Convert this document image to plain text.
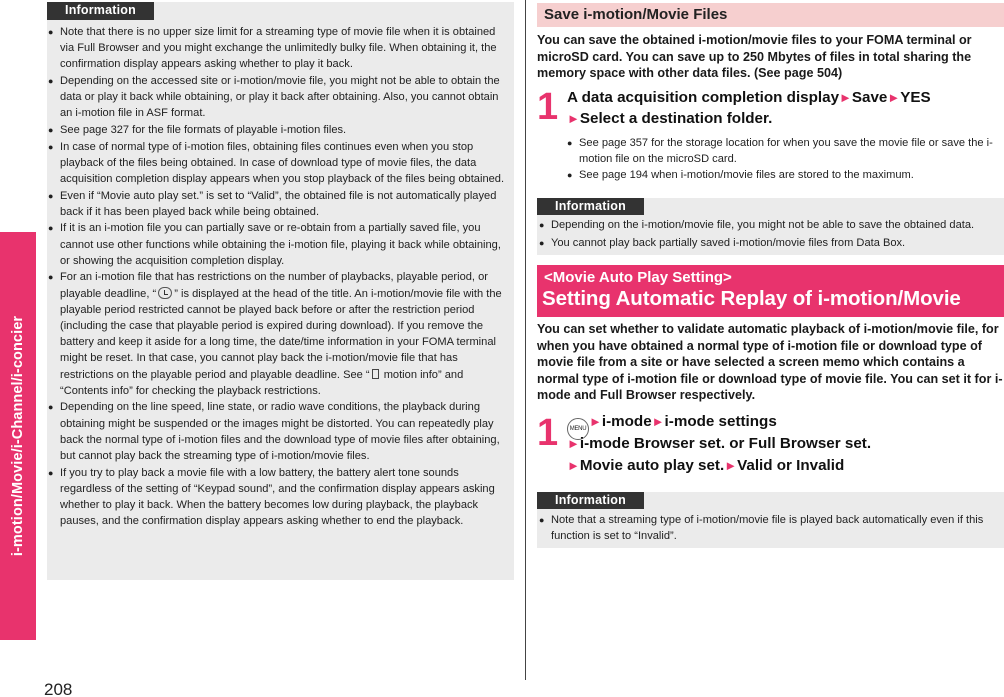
i-motion/Movie/i-Channel/i-concier
208
Information
● Note that there is no upper size limit for a streaming type of movie file when it is obtained via Full Browser and you might exchange the unlimitedly bulky file. When obtaining it, the confirmation display appears asking whether to play it back.
● Depending on the accessed site or i-motion/movie file, you might not be able to obtain the data or play it back while obtaining, or play it back after obtaining. Also, you cannot obtain an i-motion file in ASF format.
● See page 327 for the file formats of playable i-motion files.
● In case of normal type of i-motion files, obtaining files continues even when you stop playback of the files being obtained. In case of download type of movie files, the data acquisition completion display appears when you stop playback of the files being obtained.
● Even if “Movie auto play set.” is set to “Valid”, the obtained file is not automatically played back if it has been played back while being obtained.
● If it is an i-motion file you can partially save or re-obtain from a partially saved file, you cannot use other functions while obtaining the i-motion file, playing it back while obtaining, or showing the acquisition completion display.
● For an i-motion file that has restrictions on the number of playbacks, playable period, or playable deadline, “ ” is displayed at the head of the title. An i-motion/movie file with the playable period restricted cannot be played back before or after the restriction period (including the case that playable period is expired during download). If you remove the battery and keep it aside for a long time, the date/time information in your FOMA terminal might be reset. In that case, you cannot play back the i-motion/movie file that has restrictions on the playable period and playable deadline. See “ motion info” and “Contents info” for checking the playback restrictions.
● Depending on the line speed, line state, or radio wave conditions, the playback during obtaining might be suspended or the images might be distorted. You can repeatedly play back the normal type of i-motion files and the download type of movie files after obtaining, but cannot play back the streaming type of i-motion/movie files.
● If you try to play back a movie file with a low battery, the battery alert tone sounds regardless of the setting of “Keypad sound”, and the confirmation display appears asking whether to play it back. When the battery becomes low during playback, the playback pauses, and the confirmation display appears asking whether to end the playback.
Save i-motion/Movie Files
You can save the obtained i-motion/movie files to your FOMA terminal or microSD card. You can save up to 250 Mbytes of files in total sharing the memory space with other data files. (See page 504)
1 A data acquisition completion display►Save►YES
►Select a destination folder.
● See page 357 for the storage location for when you save the movie file or save the i-motion file on the microSD card.
● See page 194 when i-motion/movie files are stored to the maximum.
Information
● Depending on the i-motion/movie file, you might not be able to save the obtained data.
● You cannot play back partially saved i-motion/movie files from Data Box.
<Movie Auto Play Setting>
Setting Automatic Replay of i-motion/Movie
You can set whether to validate automatic playback of i-motion/movie file, for when you have obtained a normal type of i-motion file or download type of movie file from a site or have selected a screen memo which contains a normal type of i-motion file or download type of movie file. You can set it for i-mode and Full Browser respectively.
1	MENU ►i-mode►i-mode settings
►i-mode Browser set. or Full Browser set.
►Movie auto play set.►Valid or Invalid
Information
● Note that a streaming type of i-motion/movie file is played back automatically even if this function is set to “Invalid”.
